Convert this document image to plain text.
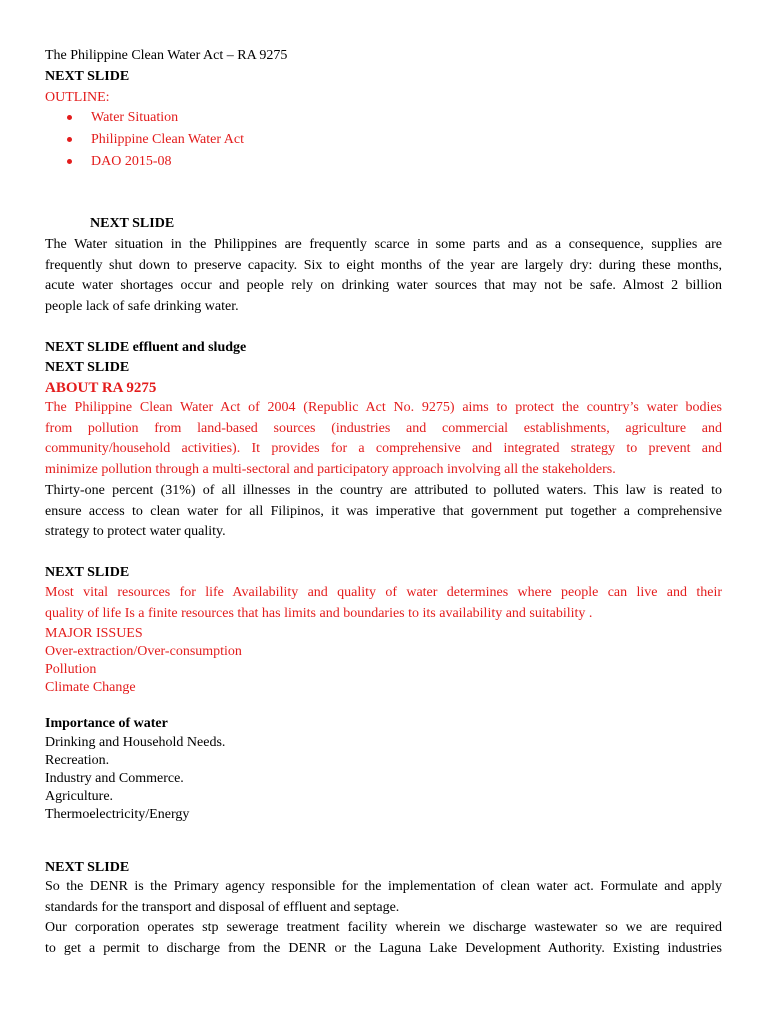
The Philippine Clean Water Act – RA 9275
NEXT SLIDE
OUTLINE:
Water Situation
Philippine Clean Water Act
DAO 2015-08
NEXT SLIDE
The Water situation in the Philippines are frequently scarce in some parts and as a consequence, supplies are
frequently shut down to preserve capacity. Six to eight months of the year are largely dry: during these months,
acute water shortages occur and people rely on drinking water sources that may not be safe. Almost 2 billion
people lack of safe drinking water.
NEXT SLIDE effluent and sludge
NEXT SLIDE
ABOUT RA 9275
The Philippine Clean Water Act of 2004 (Republic Act No. 9275) aims to protect the country’s water bodies
from pollution from land-based sources (industries and commercial establishments, agriculture and
community/household activities). It provides for a comprehensive and integrated strategy to prevent and
minimize pollution through a multi-sectoral and participatory approach involving all the stakeholders.
Thirty-one percent (31%) of all illnesses in the country are attributed to polluted waters. This law is reated to
ensure access to clean water for all Filipinos, it was imperative that government put together a comprehensive
strategy to protect water quality.
NEXT SLIDE
Most vital resources for life Availability and quality of water determines where people can live and their
quality of life Is a finite resources that has limits and boundaries to its availability and suitability .
MAJOR ISSUES
Over-extraction/Over-consumption
Pollution
Climate Change
Importance of water
Drinking and Household Needs.
Recreation.
Industry and Commerce.
Agriculture.
Thermoelectricity/Energy
NEXT SLIDE
So the DENR is the Primary agency responsible for the implementation of clean water act. Formulate and apply
standards for the transport and disposal of effluent and septage.
Our corporation operates stp sewerage treatment facility wherein we discharge wastewater so we are required
to get a permit to discharge from the DENR or the Laguna Lake Development Authority. Existing industries
